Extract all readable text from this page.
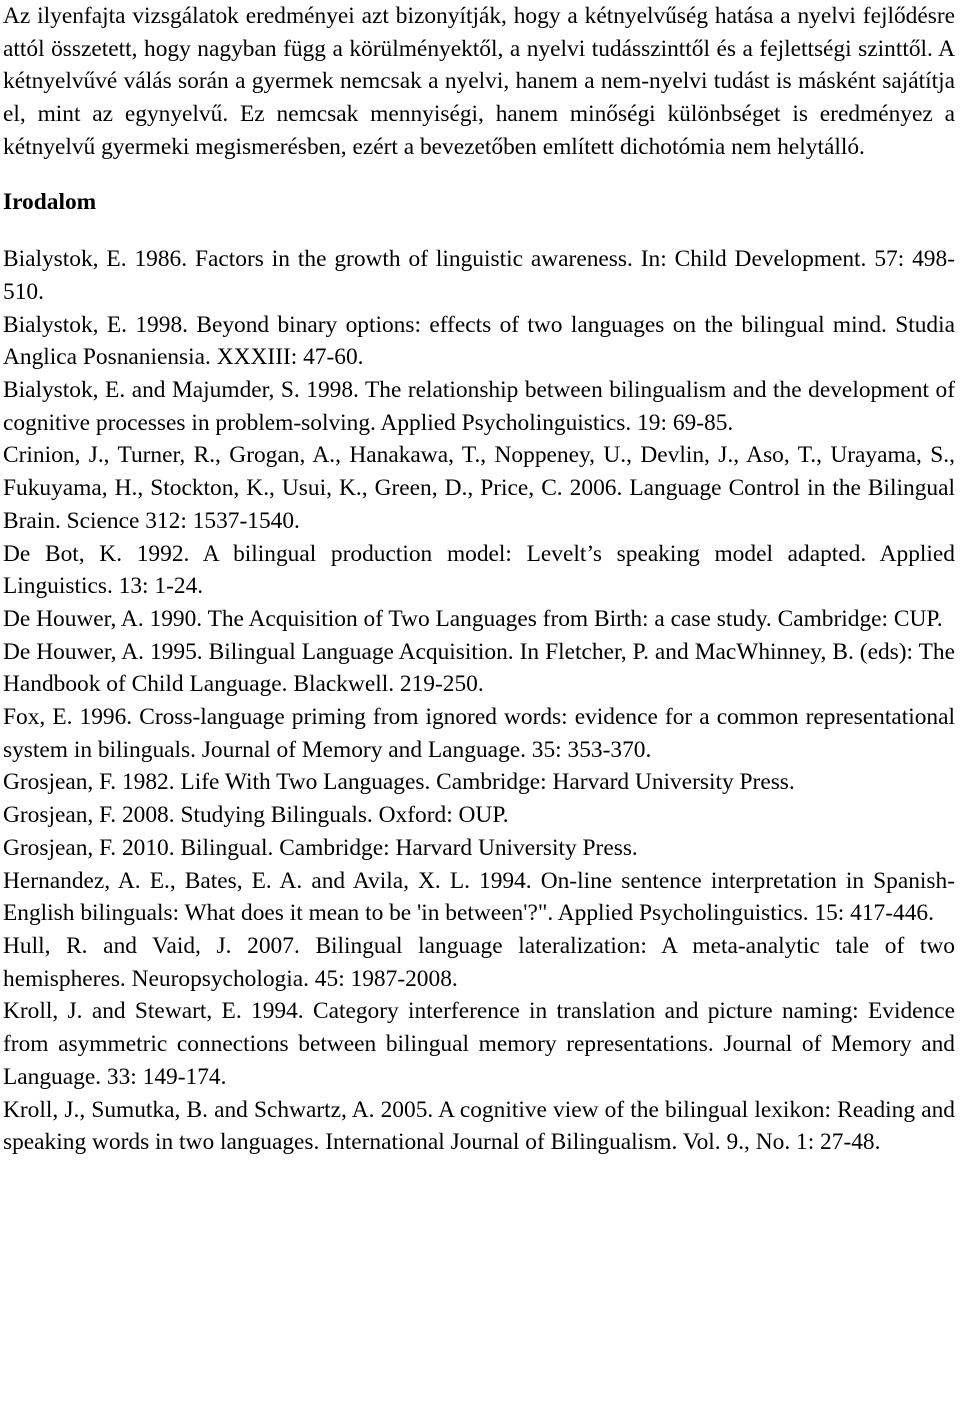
Az ilyenfajta vizsgálatok eredményei azt bizonyítják, hogy a kétnyelvűség hatása a nyelvi fejlődésre attól összetett, hogy nagyban függ a körülményektől, a nyelvi tudásszinttől és a fejlettségi szinttől. A kétnyelvűvé válás során a gyermek nemcsak a nyelvi, hanem a nem-nyelvi tudást is másként sajátítja el, mint az egynyelvű. Ez nemcsak mennyiségi, hanem minőségi különbséget is eredményez a kétnyelvű gyermeki megismerésben, ezért a bevezetőben említett dichotómia nem helytálló.

Irodalom

Bialystok, E. 1986. Factors in the growth of linguistic awareness. In: Child Development. 57: 498-510.

Bialystok, E. 1998. Beyond binary options: effects of two languages on the bilingual mind. Studia Anglica Posnaniensia. XXXIII: 47-60.

Bialystok, E. and Majumder, S. 1998. The relationship between bilingualism and the development of cognitive processes in problem-solving. Applied Psycholinguistics. 19: 69-85.

Crinion, J., Turner, R., Grogan, A., Hanakawa, T., Noppeney, U., Devlin, J., Aso, T., Urayama, S., Fukuyama, H., Stockton, K., Usui, K., Green, D., Price, C. 2006. Language Control in the Bilingual Brain. Science 312: 1537-1540.

De Bot, K. 1992. A bilingual production model: Levelt’s speaking model adapted. Applied Linguistics. 13: 1-24.

De Houwer, A. 1990. The Acquisition of Two Languages from Birth: a case study. Cambridge: CUP.

De Houwer, A. 1995. Bilingual Language Acquisition. In Fletcher, P. and MacWhinney, B. (eds): The Handbook of Child Language. Blackwell. 219-250.

Fox, E. 1996. Cross-language priming from ignored words: evidence for a common representational system in bilinguals. Journal of Memory and Language. 35: 353-370.

Grosjean, F. 1982. Life With Two Languages. Cambridge: Harvard University Press.

Grosjean, F. 2008. Studying Bilinguals. Oxford: OUP.

Grosjean, F. 2010. Bilingual. Cambridge: Harvard University Press.

Hernandez, A. E., Bates, E. A. and Avila, X. L. 1994. On-line sentence interpretation in Spanish-English bilinguals: What does it mean to be 'in between'?". Applied Psycholinguistics. 15: 417-446.

Hull, R. and Vaid, J. 2007. Bilingual language lateralization: A meta-analytic tale of two hemispheres. Neuropsychologia. 45: 1987-2008.

Kroll, J. and Stewart, E. 1994. Category interference in translation and picture naming: Evidence from asymmetric connections between bilingual memory representations. Journal of Memory and Language. 33: 149-174.

Kroll, J., Sumutka, B. and Schwartz, A. 2005. A cognitive view of the bilingual lexikon: Reading and speaking words in two languages. International Journal of Bilingualism. Vol. 9., No. 1: 27-48.
